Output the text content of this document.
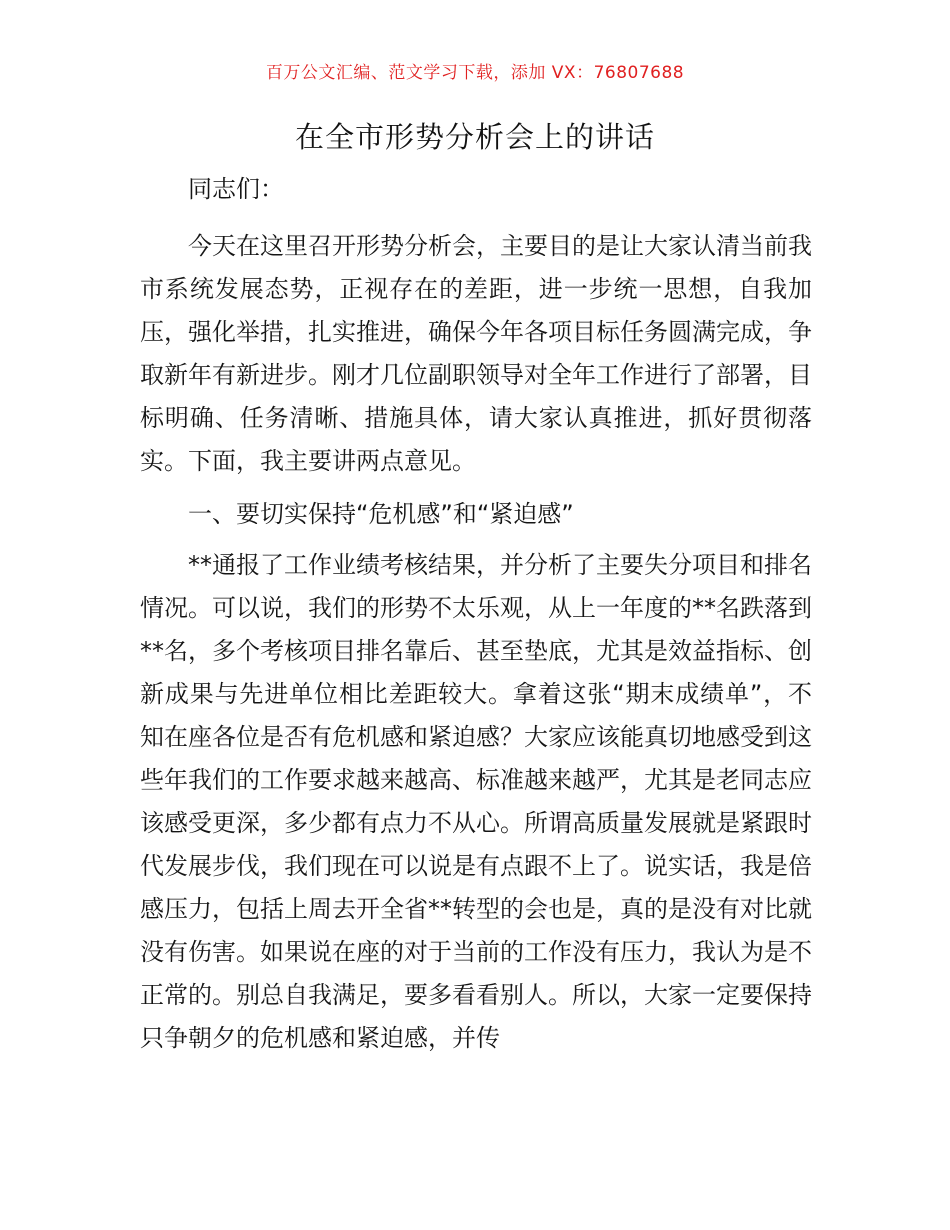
百万公文汇编、范文学习下载，添加 VX：76807688
在全市形势分析会上的讲话

同志们：

今天在这里召开形势分析会，主要目的是让大家认清当前我市系统发展态势，正视存在的差距，进一步统一思想，自我加压，强化举措，扎实推进，确保今年各项目标任务圆满完成，争取新年有新进步。刚才几位副职领导对全年工作进行了部署，目标明确、任务清晰、措施具体，请大家认真推进，抓好贯彻落实。下面，我主要讲两点意见。

一、要切实保持“危机感”和“紧迫感”

**通报了工作业绩考核结果，并分析了主要失分项目和排名情况。可以说，我们的形势不太乐观，从上一年度的**名跌落到**名，多个考核项目排名靠后、甚至垫底，尤其是效益指标、创新成果与先进单位相比差距较大。拿着这张“期末成绩单”，不知在座各位是否有危机感和紧迫感？大家应该能真切地感受到这些年我们的工作要求越来越高、标准越来越严，尤其是老同志应该感受更深，多少都有点力不从心。所谓高质量发展就是紧跟时代发展步伐，我们现在可以说是有点跟不上了。说实话，我是倍感压力，包括上周去开全省**转型的会也是，真的是没有对比就没有伤害。如果说在座的对于当前的工作没有压力，我认为是不正常的。别总自我满足，要多看看别人。所以，大家一定要保持只争朝夕的危机感和紧迫感，并传
